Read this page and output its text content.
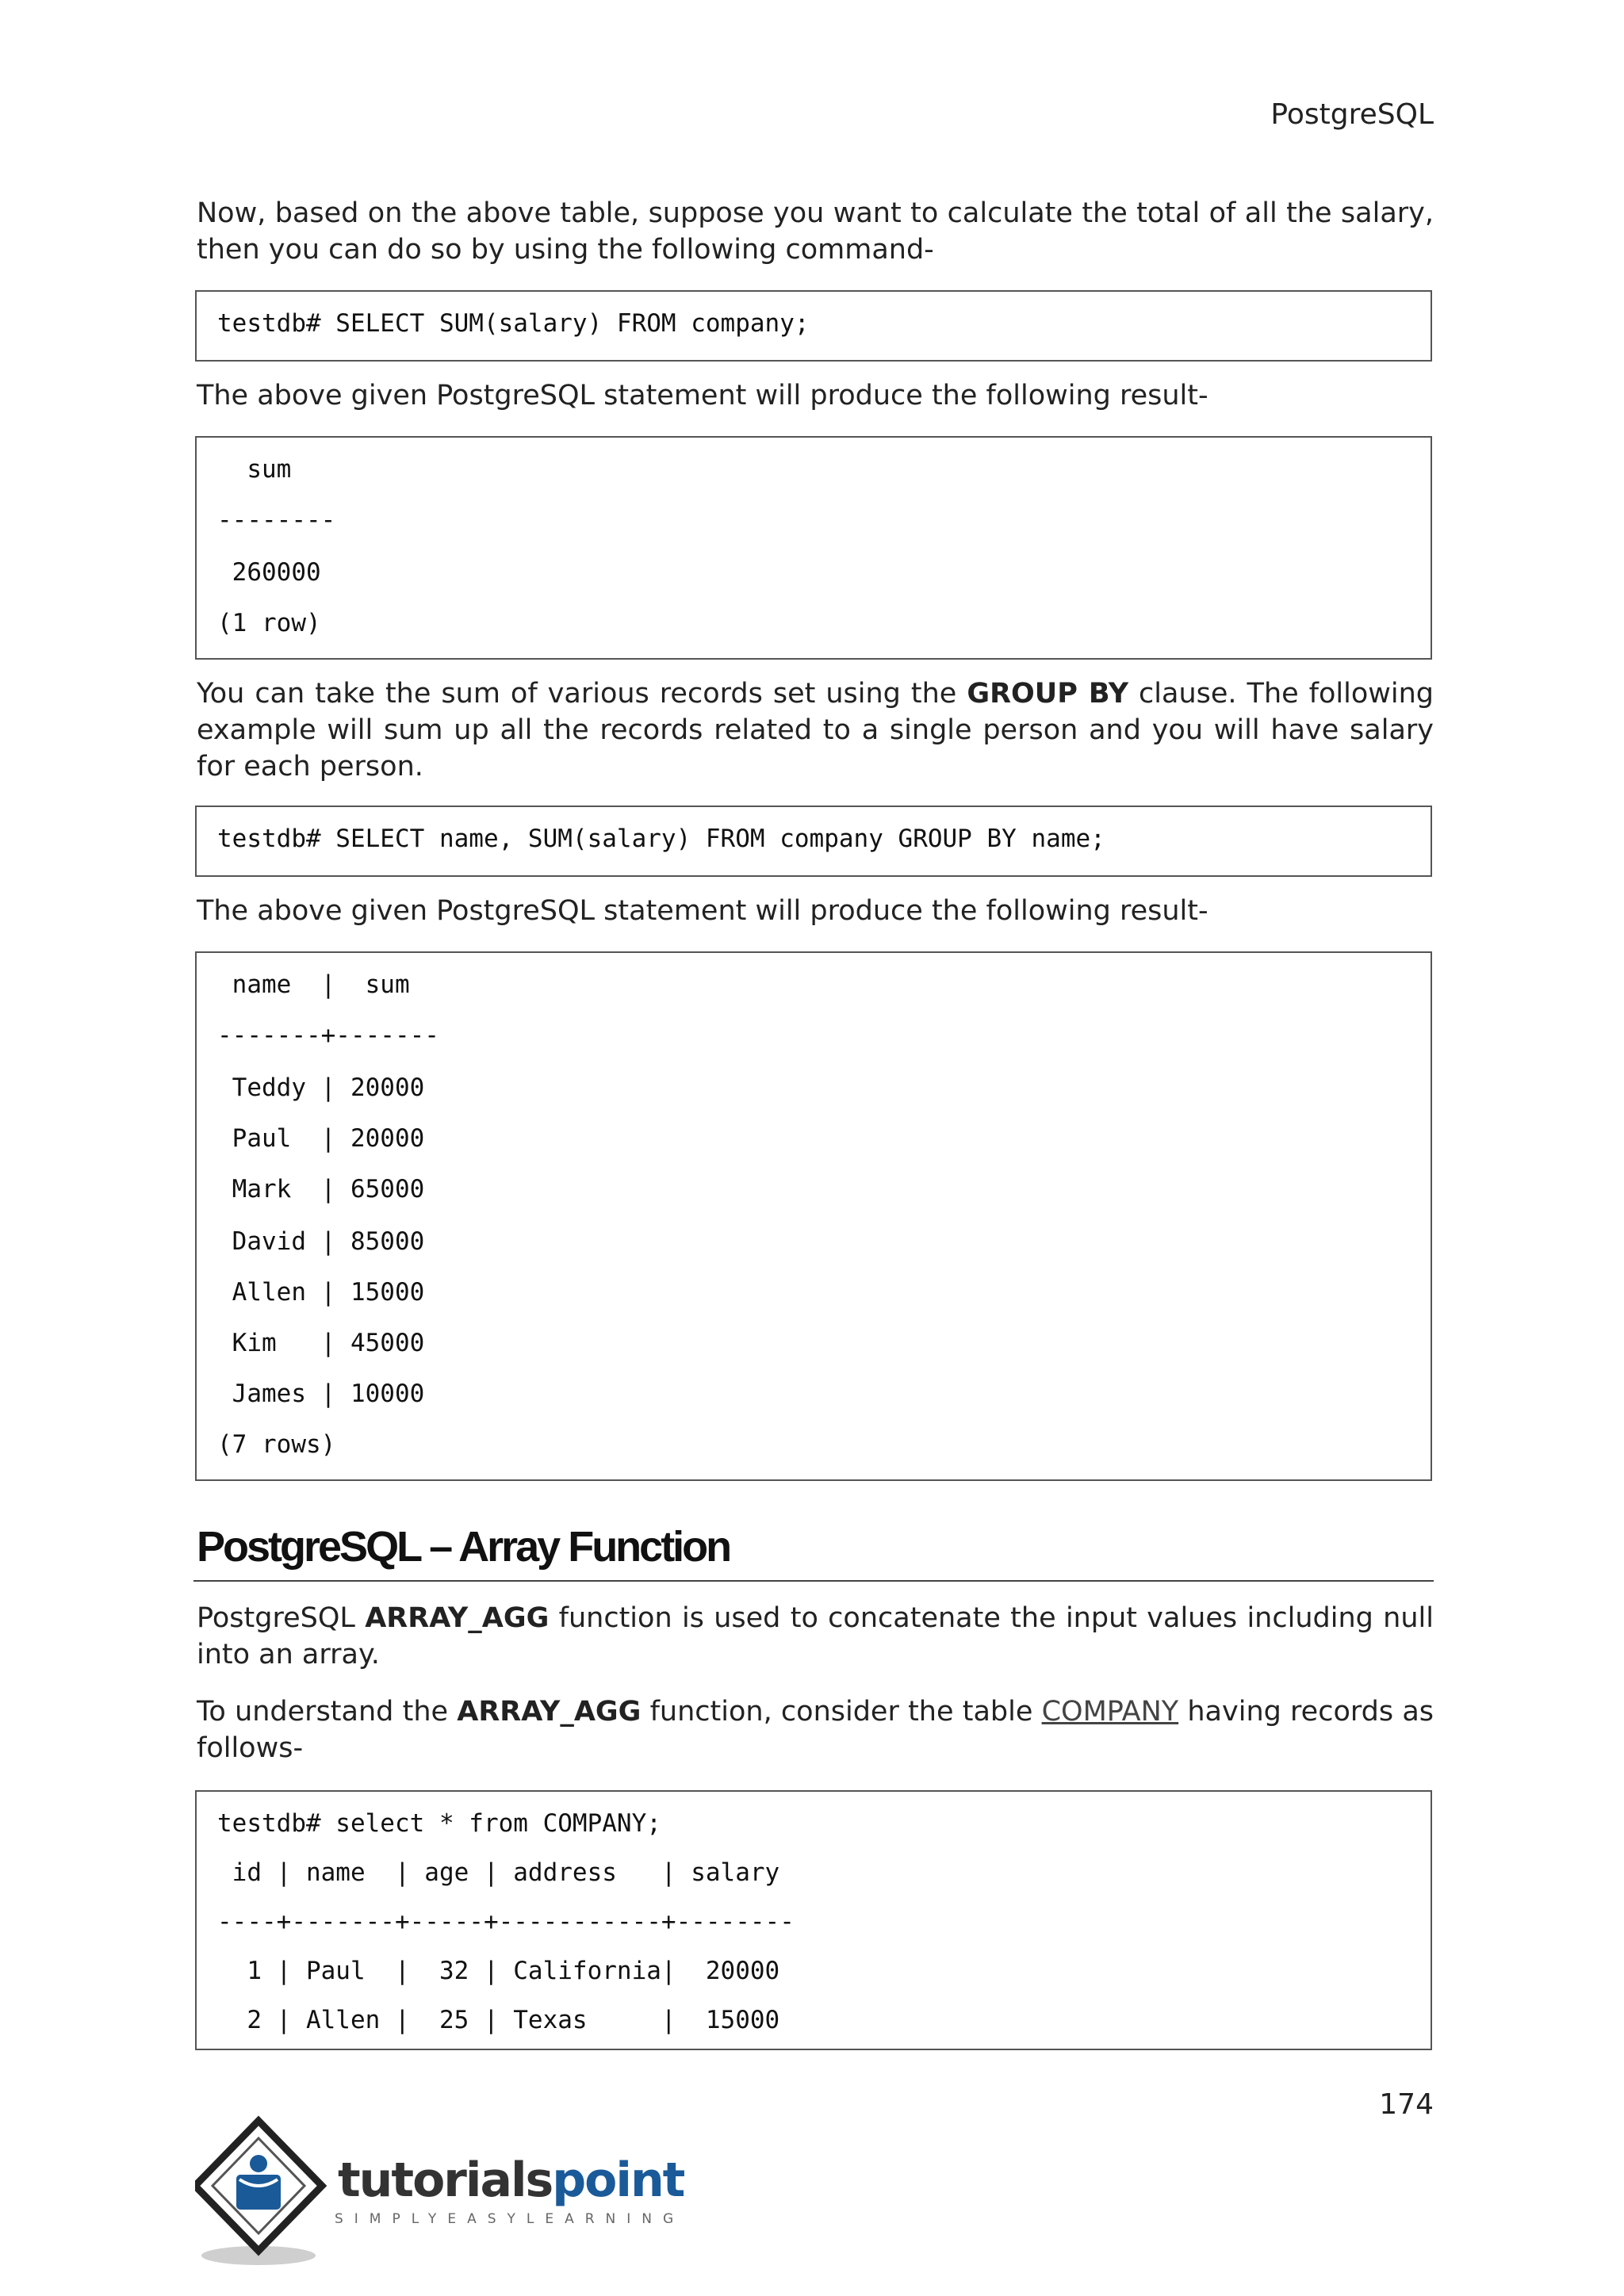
PostgreSQL
Now, based on the above table, suppose you want to calculate the total of all the salary, then you can do so by using the following command-
testdb# SELECT SUM(salary) FROM company;
The above given PostgreSQL statement will produce the following result-
sum
--------
260000
(1 row)
You can take the sum of various records set using the GROUP BY clause. The following example will sum up all the records related to a single person and you will have salary for each person.
testdb# SELECT name, SUM(salary) FROM company GROUP BY name;
The above given PostgreSQL statement will produce the following result-
name  |  sum
-------+-------
Teddy | 20000
Paul  | 20000
Mark  | 65000
David | 85000
Allen | 15000
Kim   | 45000
James | 10000
(7 rows)
PostgreSQL – Array Function
PostgreSQL ARRAY_AGG function is used to concatenate the input values including null into an array.
To understand the ARRAY_AGG function, consider the table COMPANY having records as follows-
testdb# select * from COMPANY;
id | name  | age | address   | salary
----+-------+-----+-----------+--------
1 | Paul  |  32 | California|  20000
2 | Allen |  25 | Texas     |  15000
174
tutorialspoint
SIMPLYEASYLEARNING
